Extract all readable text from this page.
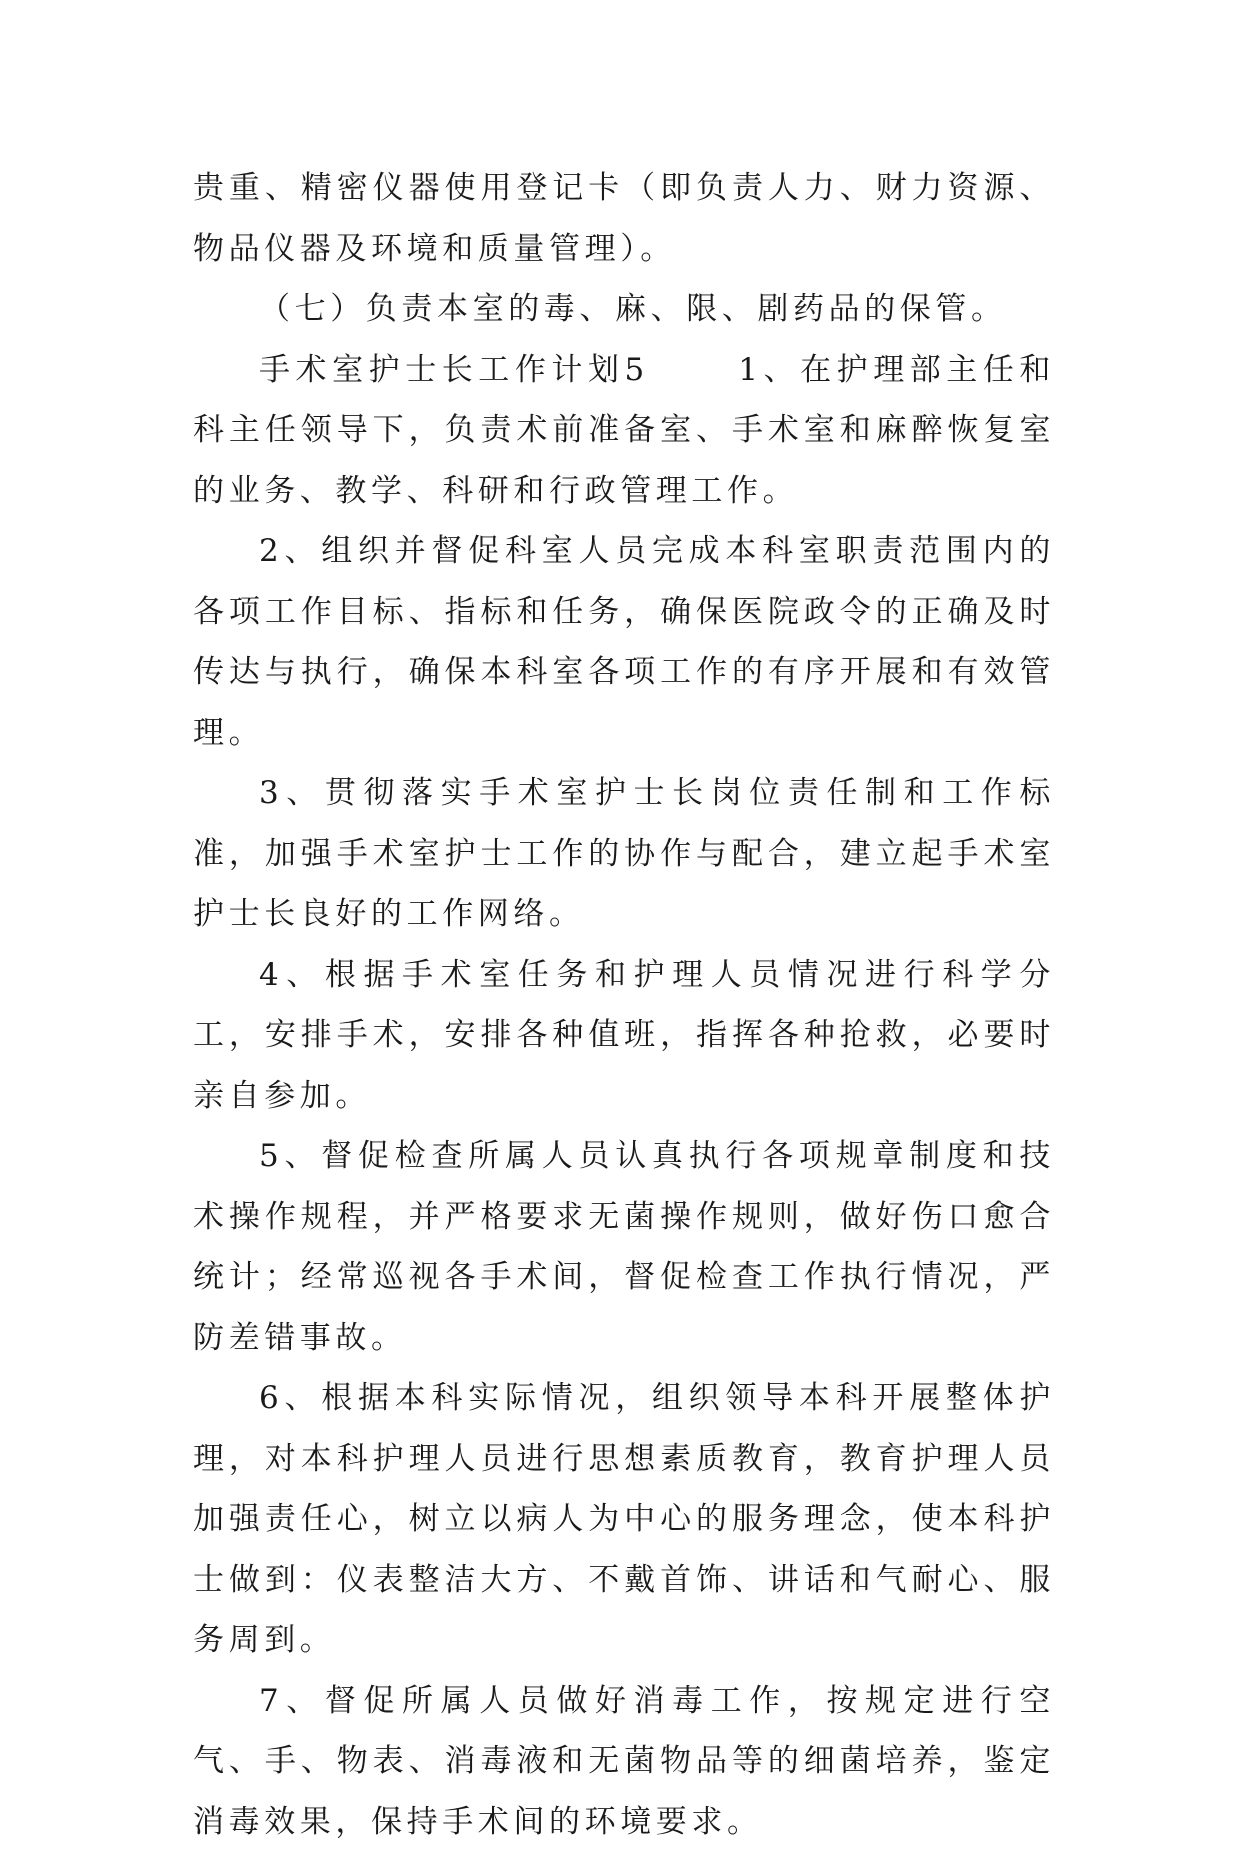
贵重、精密仪器使用登记卡（即负责人力、财力资源、物品仪器及环境和质量管理）。

（七）负责本室的毒、麻、限、剧药品的保管。

手术室护士长工作计划5　　 1、在护理部主任和科主任领导下，负责术前准备室、手术室和麻醉恢复室的业务、教学、科研和行政管理工作。

2、组织并督促科室人员完成本科室职责范围内的各项工作目标、指标和任务，确保医院政令的正确及时传达与执行，确保本科室各项工作的有序开展和有效管理。

3、贯彻落实手术室护士长岗位责任制和工作标准，加强手术室护士工作的协作与配合，建立起手术室护士长良好的工作网络。

4、根据手术室任务和护理人员情况进行科学分工，安排手术，安排各种值班，指挥各种抢救，必要时亲自参加。

5、督促检查所属人员认真执行各项规章制度和技术操作规程，并严格要求无菌操作规则，做好伤口愈合统计；经常巡视各手术间，督促检查工作执行情况，严防差错事故。

6、根据本科实际情况，组织领导本科开展整体护理，对本科护理人员进行思想素质教育，教育护理人员加强责任心，树立以病人为中心的服务理念，使本科护士做到：仪表整洁大方、不戴首饰、讲话和气耐心、服务周到。

7、督促所属人员做好消毒工作，按规定进行空气、手、物表、消毒液和无菌物品等的细菌培养，鉴定消毒效果，保持手术间的环境要求。
